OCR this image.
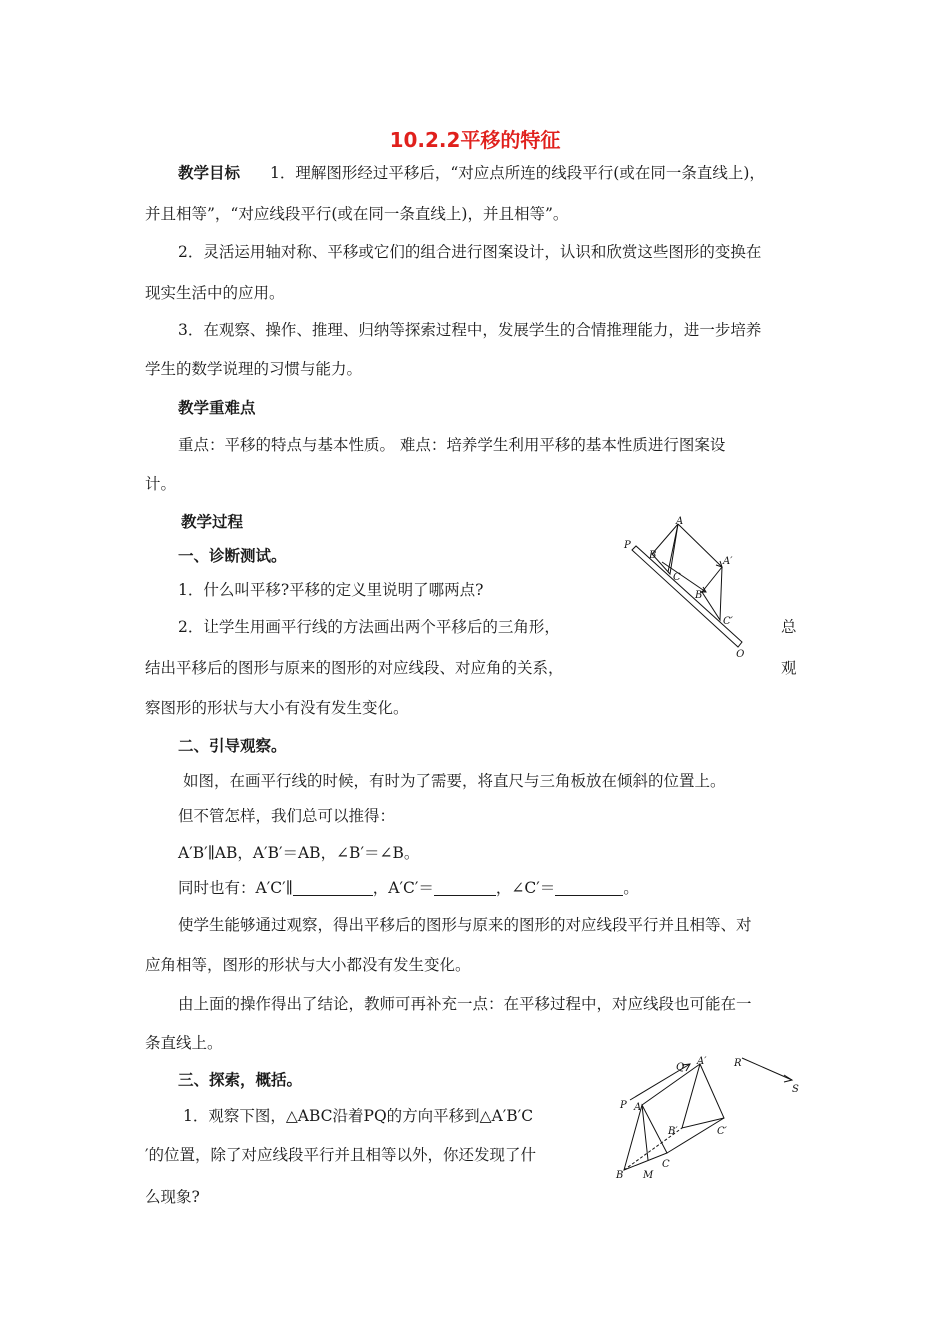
10.2.2平移的特征
教学目标 1．理解图形经过平移后，“对应点所连的线段平行(或在同一条直线上)，
并且相等”，“对应线段平行(或在同一条直线上)，并且相等”。
2．灵活运用轴对称、平移或它们的组合进行图案设计，认识和欣赏这些图形的变换在
现实生活中的应用。
3．在观察、操作、推理、归纳等探索过程中，发展学生的合情推理能力，进一步培养
学生的数学说理的习惯与能力。
教学重难点
重点：平移的特点与基本性质。 难点：培养学生利用平移的基本性质进行图案设
计。
教学过程
一、诊断测试。
1．什么叫平移?平移的定义里说明了哪两点?
2．让学生用画平行线的方法画出两个平移后的三角形，	总
结出平移后的图形与原来的图形的对应线段、对应角的关系，	观
察图形的形状与大小有没有发生变化。
二、引导观察。
如图，在画平行线的时候，有时为了需要，将直尺与三角板放在倾斜的位置上。
但不管怎样，我们总可以推得：
A′B′∥AB，A′B′＝AB，∠B′＝∠B。
同时也有：A′C′∥	，A′C′＝	，∠C′＝	。
使学生能够通过观察，得出平移后的图形与原来的图形的对应线段平行并且相等、对
应角相等，图形的形状与大小都没有发生变化。
由上面的操作得出了结论，教师可再补充一点：在平移过程中，对应线段也可能在一
条直线上。
三、探索，概括。
1．观察下图，△ABC沿着PQ的方向平移到△A′B′C
′的位置，除了对应线段平行并且相等以外，你还发现了什
么现象?
P
A
B
C
A′
B′
C′
Q
Q
A′	R
S
P A
B′	C′
B M
C
